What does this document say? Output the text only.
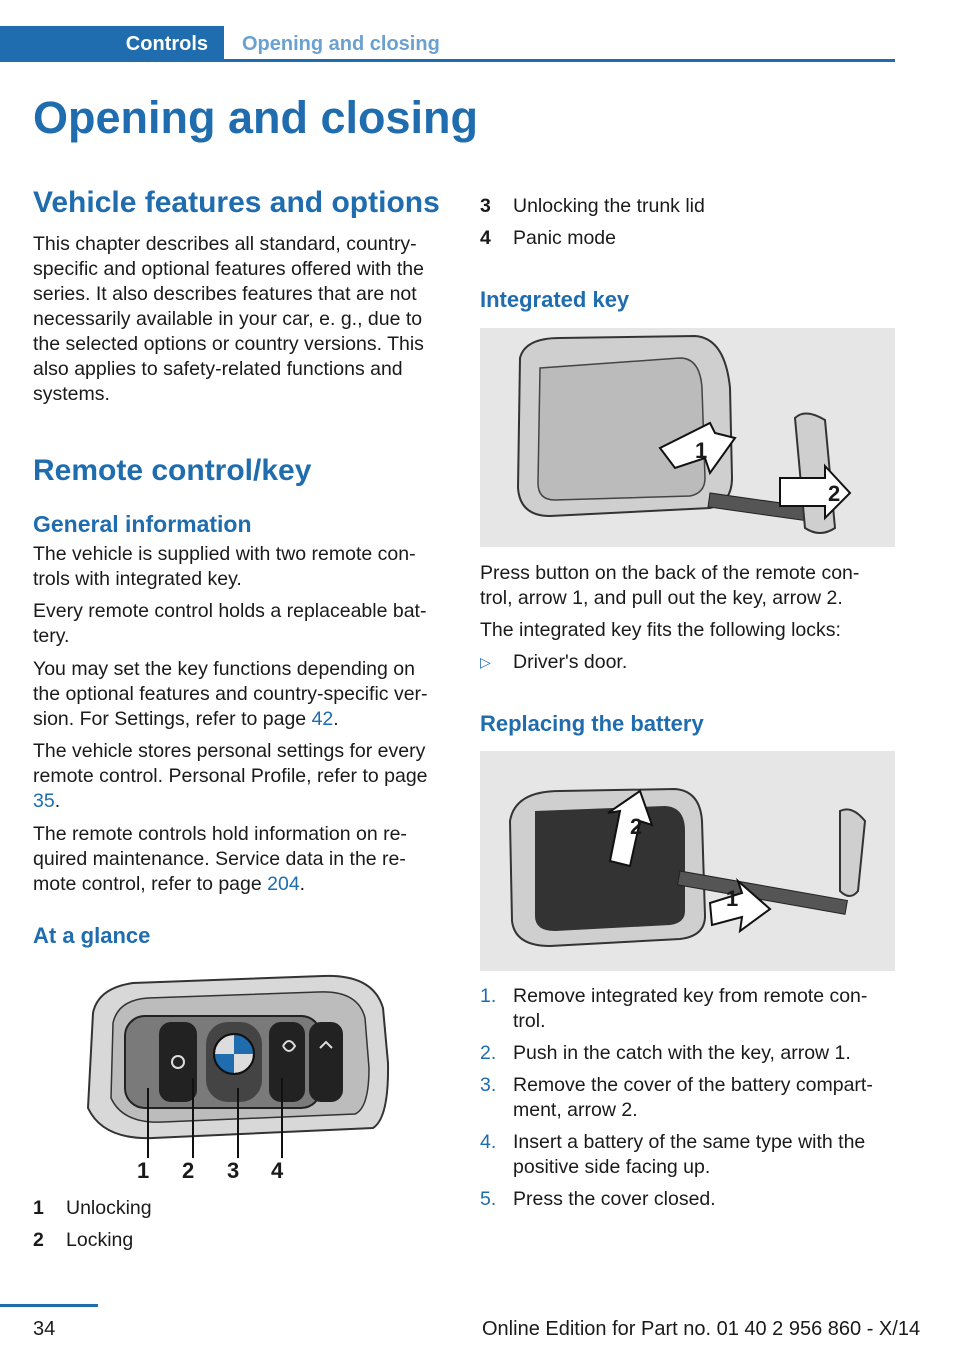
Controls	Opening and closing
Opening and closing
Vehicle features and options

This chapter describes all standard, country-specific and optional features offered with the series. It also describes features that are not necessarily available in your car, e. g., due to the selected options or country versions. This also applies to safety-related functions and systems.

Remote control/key
General information

The vehicle is supplied with two remote con-trols with integrated key.

Every remote control holds a replaceable bat-tery.

You may set the key functions depending on the optional features and country-specific ver-sion. For Settings, refer to page 42.

The vehicle stores personal settings for every remote control. Personal Profile, refer to page 35.

The remote controls hold information on re-quired maintenance. Service data in the re-mote control, refer to page 204.

At a glance
1 2 3 4
1 Unlocking
2 Locking
3 Unlocking the trunk lid
4 Panic mode
Integrated key
1
2

Press button on the back of the remote con-trol, arrow 1, and pull out the key, arrow 2.

The integrated key fits the following locks:

▷ Driver's door.
Replacing the battery
2
1
1. Remove integrated key from remote con-trol.
2. Push in the catch with the key, arrow 1.
3. Remove the cover of the battery compart-ment, arrow 2.
4. Insert a battery of the same type with the positive side facing up.
5. Press the cover closed.
34	Online Edition for Part no. 01 40 2 956 860 - X/14
